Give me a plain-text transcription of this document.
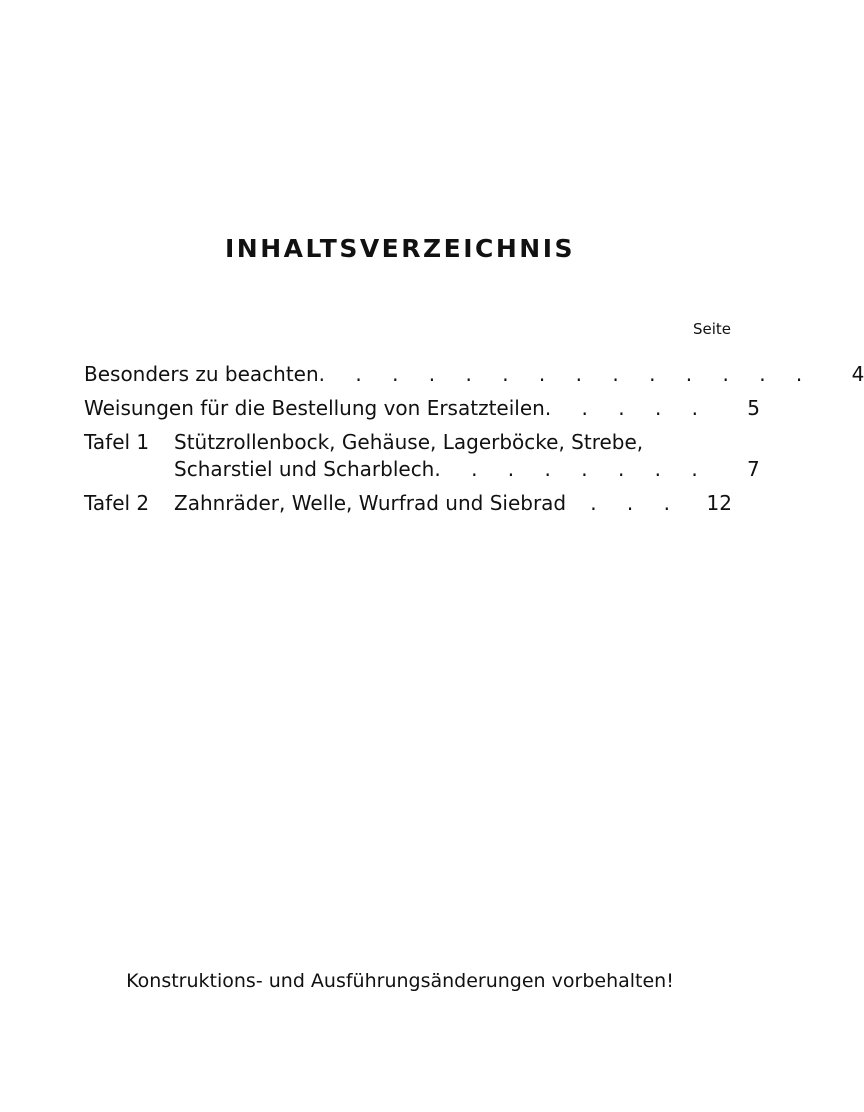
INHALTSVERZEICHNIS
Seite
Besonders zu beachten . . . . . . . . . . . . . .	4
Weisungen für die Bestellung von Ersatzteilen . . . . .	5
Tafel 1	Stützrollenbock, Gehäuse, Lagerböcke, Strebe,
Scharstiel und Scharblech . . . . . . . .	7
Tafel 2	Zahnräder, Welle, Wurfrad und Siebrad	. . .	12
Konstruktions- und Ausführungsänderungen vorbehalten!
